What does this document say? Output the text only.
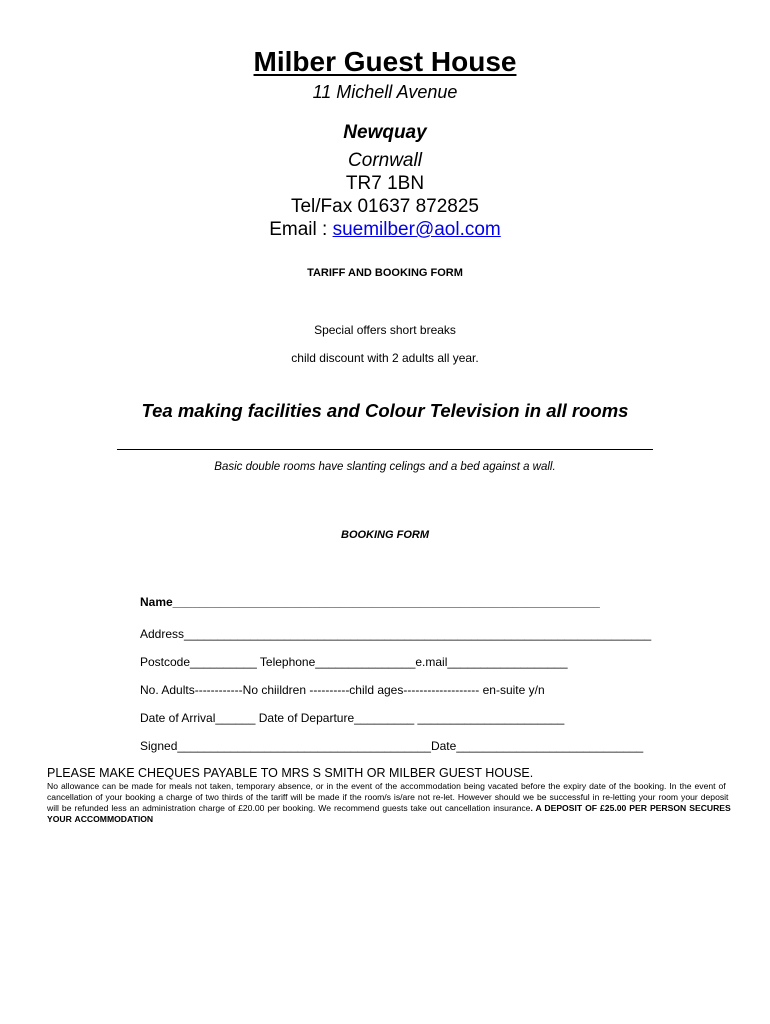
Milber Guest House
11 Michell Avenue
Newquay
Cornwall
TR7 1BN
Tel/Fax 01637 872825
Email : suemilber@aol.com
TARIFF AND BOOKING FORM
Special offers short breaks
child discount with 2 adults all year.
Tea making facilities and Colour Television in all rooms
Basic double rooms have slanting celings and a bed against a wall.
BOOKING FORM
Name________________________________________________________________
Address______________________________________________________________________
Postcode__________ Telephone_______________e.mail__________________
No. Adults------------No chiildren ----------child ages------------------- en-suite y/n
Date of Arrival______ Date of Departure_________ ______________________
Signed______________________________________Date____________________________
PLEASE MAKE CHEQUES PAYABLE TO MRS S SMITH OR MILBER GUEST HOUSE.
No allowance can be made for meals not taken, temporary absence, or in the event of the accommodation being vacated before the expiry date of the booking. In the event of cancellation of your booking a charge of two thirds of the tariff will be made if the room/s is/are not re-let. However should we be successful in re-letting your room your deposit will be refunded less an administration charge of £20.00 per booking. We recommend guests take out cancellation insurance. A DEPOSIT OF £25.00 PER PERSON SECURES YOUR ACCOMMODATION
